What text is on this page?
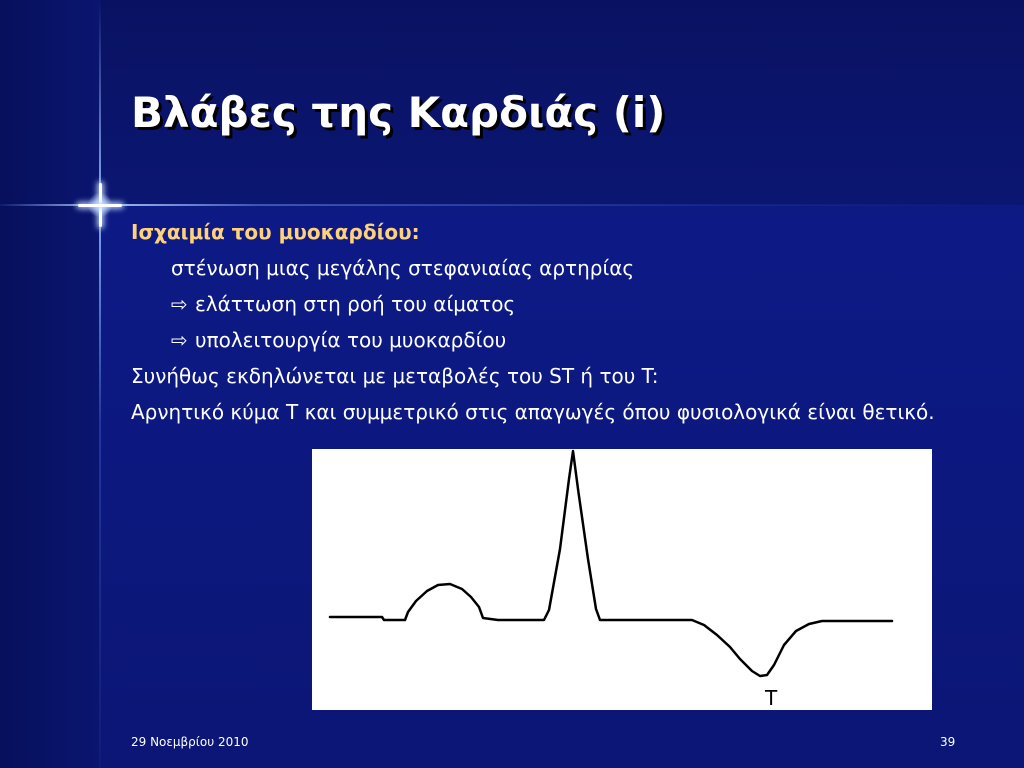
Βλάβες της Καρδιάς (i)
Ισχαιμία του μυοκαρδίου:
στένωση μιας μεγάλης στεφανιαίας αρτηρίας
⇨ ελάττωση στη ροή του αίματος
⇨ υπολειτουργία του μυοκαρδίου
Συνήθως εκδηλώνεται με μεταβολές του ST ή του T:
Αρνητικό κύμα T και συμμετρικό στις απαγωγές όπου φυσιολογικά είναι θετικό.
T
29 Νοεμβρίου 2010	39
